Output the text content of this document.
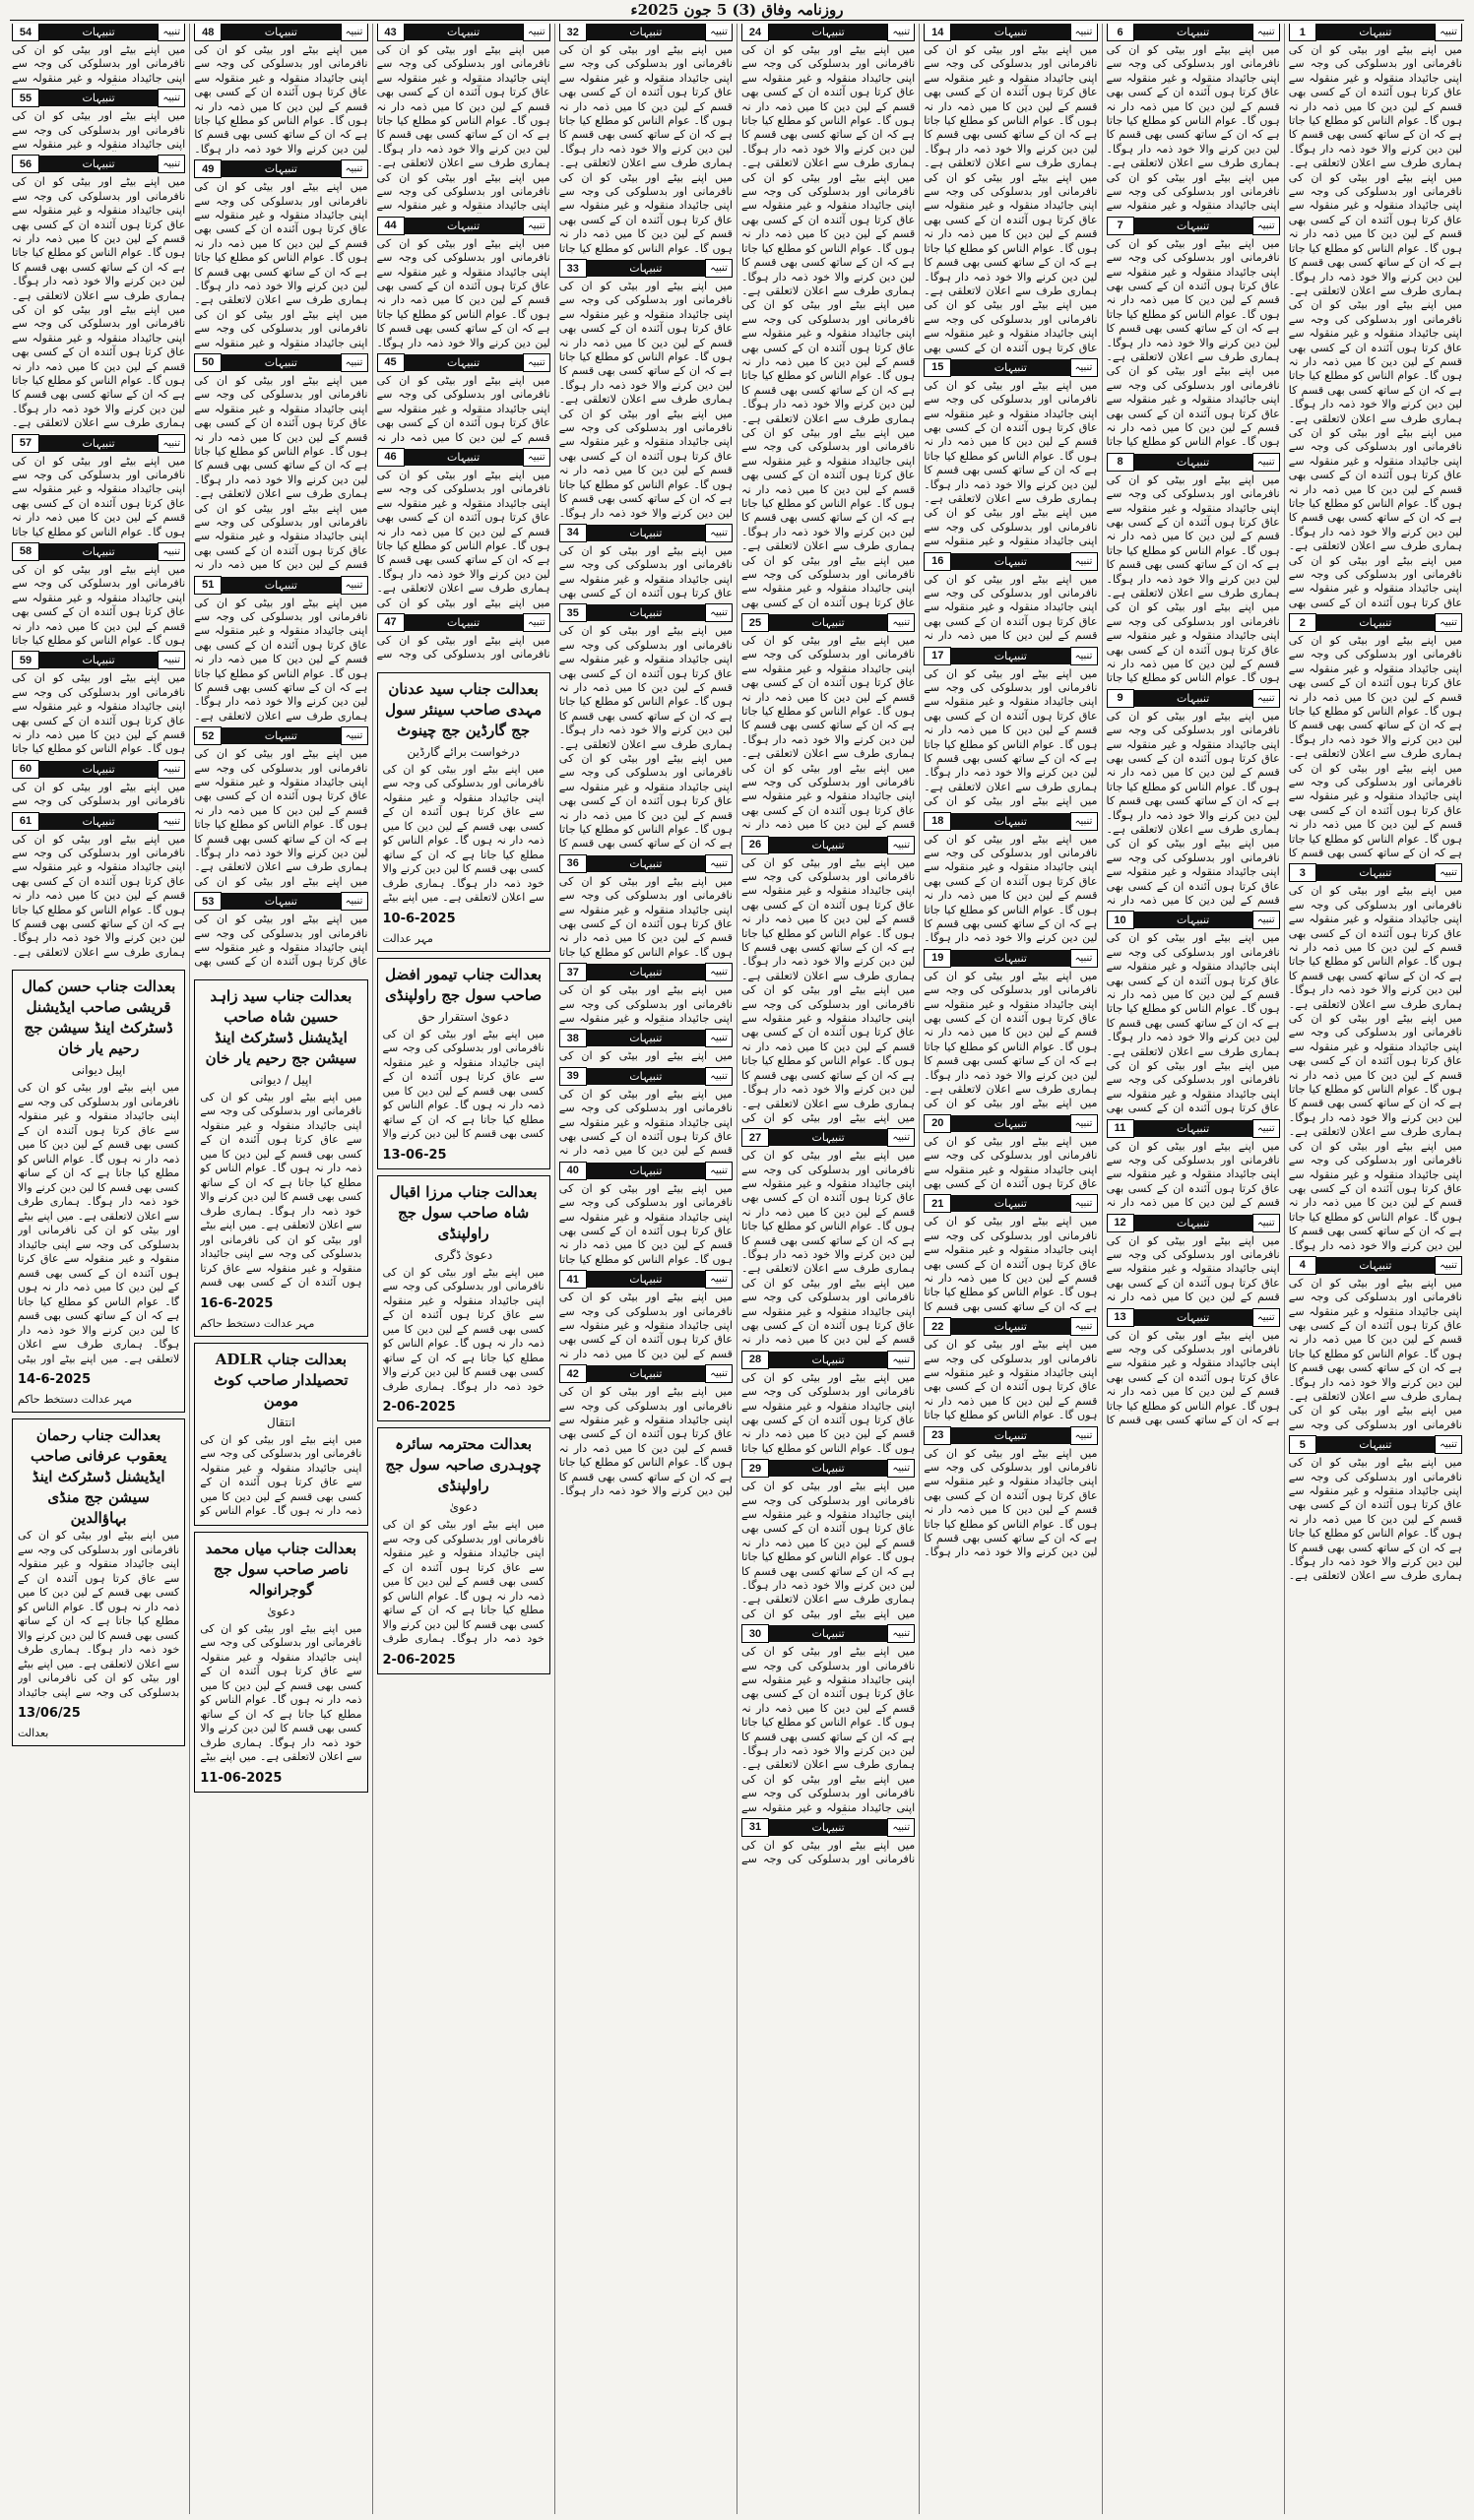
روزنامہ وفاق (3) 5 جون 2025ء
تنبیہ
تنبیہات
1
میں اپنے بیٹے اور بیٹی کو ان کی نافرمانی اور بدسلوکی کی وجہ سے اپنی جائیداد منقولہ و غیر منقولہ سے عاق کرتا ہوں آئندہ ان کے کسی بھی قسم کے لین دین کا میں ذمہ دار نہ ہوں گا۔ عوام الناس کو مطلع کیا جاتا ہے کہ ان کے ساتھ کسی بھی قسم کا لین دین کرنے والا خود ذمہ دار ہوگا۔ ہماری طرف سے اعلان لاتعلقی ہے۔ میں اپنے بیٹے اور بیٹی کو ان کی نافرمانی اور بدسلوکی کی وجہ سے اپنی جائیداد منقولہ و غیر منقولہ سے عاق کرتا ہوں آئندہ ان کے کسی بھی قسم کے لین دین کا میں ذمہ دار نہ ہوں گا۔ عوام الناس کو مطلع کیا جاتا ہے کہ ان کے ساتھ کسی بھی قسم کا لین دین کرنے والا خود ذمہ دار ہوگا۔ ہماری طرف سے اعلان لاتعلقی ہے۔ میں اپنے بیٹے اور بیٹی کو ان کی نافرمانی اور بدسلوکی کی وجہ سے اپنی جائیداد منقولہ و غیر منقولہ سے عاق کرتا ہوں آئندہ ان کے کسی بھی قسم کے لین دین کا میں ذمہ دار نہ ہوں گا۔ عوام الناس کو مطلع کیا جاتا ہے کہ ان کے ساتھ کسی بھی قسم کا لین دین کرنے والا خود ذمہ دار ہوگا۔ ہماری طرف سے اعلان لاتعلقی ہے۔ میں اپنے بیٹے اور بیٹی کو ان کی نافرمانی اور بدسلوکی کی وجہ سے اپنی جائیداد منقولہ و غیر منقولہ سے عاق کرتا ہوں آئندہ ان کے کسی بھی قسم کے لین دین کا میں ذمہ دار نہ ہوں گا۔ عوام الناس کو مطلع کیا جاتا ہے کہ ان کے ساتھ کسی بھی قسم کا لین دین کرنے والا خود ذمہ دار ہوگا۔ ہماری طرف سے اعلان لاتعلقی ہے۔ میں اپنے بیٹے اور بیٹی کو ان کی نافرمانی اور بدسلوکی کی وجہ سے اپنی جائیداد منقولہ و غیر منقولہ سے عاق کرتا ہوں آئندہ ان کے کسی بھی
تنبیہ
تنبیہات
2
میں اپنے بیٹے اور بیٹی کو ان کی نافرمانی اور بدسلوکی کی وجہ سے اپنی جائیداد منقولہ و غیر منقولہ سے عاق کرتا ہوں آئندہ ان کے کسی بھی قسم کے لین دین کا میں ذمہ دار نہ ہوں گا۔ عوام الناس کو مطلع کیا جاتا ہے کہ ان کے ساتھ کسی بھی قسم کا لین دین کرنے والا خود ذمہ دار ہوگا۔ ہماری طرف سے اعلان لاتعلقی ہے۔ میں اپنے بیٹے اور بیٹی کو ان کی نافرمانی اور بدسلوکی کی وجہ سے اپنی جائیداد منقولہ و غیر منقولہ سے عاق کرتا ہوں آئندہ ان کے کسی بھی قسم کے لین دین کا میں ذمہ دار نہ ہوں گا۔ عوام الناس کو مطلع کیا جاتا ہے کہ ان کے ساتھ کسی بھی قسم کا
تنبیہ
تنبیہات
3
میں اپنے بیٹے اور بیٹی کو ان کی نافرمانی اور بدسلوکی کی وجہ سے اپنی جائیداد منقولہ و غیر منقولہ سے عاق کرتا ہوں آئندہ ان کے کسی بھی قسم کے لین دین کا میں ذمہ دار نہ ہوں گا۔ عوام الناس کو مطلع کیا جاتا ہے کہ ان کے ساتھ کسی بھی قسم کا لین دین کرنے والا خود ذمہ دار ہوگا۔ ہماری طرف سے اعلان لاتعلقی ہے۔ میں اپنے بیٹے اور بیٹی کو ان کی نافرمانی اور بدسلوکی کی وجہ سے اپنی جائیداد منقولہ و غیر منقولہ سے عاق کرتا ہوں آئندہ ان کے کسی بھی قسم کے لین دین کا میں ذمہ دار نہ ہوں گا۔ عوام الناس کو مطلع کیا جاتا ہے کہ ان کے ساتھ کسی بھی قسم کا لین دین کرنے والا خود ذمہ دار ہوگا۔ ہماری طرف سے اعلان لاتعلقی ہے۔ میں اپنے بیٹے اور بیٹی کو ان کی نافرمانی اور بدسلوکی کی وجہ سے اپنی جائیداد منقولہ و غیر منقولہ سے عاق کرتا ہوں آئندہ ان کے کسی بھی قسم کے لین دین کا میں ذمہ دار نہ ہوں گا۔ عوام الناس کو مطلع کیا جاتا ہے کہ ان کے ساتھ کسی بھی قسم کا لین دین کرنے والا خود ذمہ دار ہوگا۔
تنبیہ
تنبیہات
4
میں اپنے بیٹے اور بیٹی کو ان کی نافرمانی اور بدسلوکی کی وجہ سے اپنی جائیداد منقولہ و غیر منقولہ سے عاق کرتا ہوں آئندہ ان کے کسی بھی قسم کے لین دین کا میں ذمہ دار نہ ہوں گا۔ عوام الناس کو مطلع کیا جاتا ہے کہ ان کے ساتھ کسی بھی قسم کا لین دین کرنے والا خود ذمہ دار ہوگا۔ ہماری طرف سے اعلان لاتعلقی ہے۔ میں اپنے بیٹے اور بیٹی کو ان کی نافرمانی اور بدسلوکی کی وجہ سے
تنبیہ
تنبیہات
5
میں اپنے بیٹے اور بیٹی کو ان کی نافرمانی اور بدسلوکی کی وجہ سے اپنی جائیداد منقولہ و غیر منقولہ سے عاق کرتا ہوں آئندہ ان کے کسی بھی قسم کے لین دین کا میں ذمہ دار نہ ہوں گا۔ عوام الناس کو مطلع کیا جاتا ہے کہ ان کے ساتھ کسی بھی قسم کا لین دین کرنے والا خود ذمہ دار ہوگا۔ ہماری طرف سے اعلان لاتعلقی ہے۔
تنبیہ
تنبیہات
6
میں اپنے بیٹے اور بیٹی کو ان کی نافرمانی اور بدسلوکی کی وجہ سے اپنی جائیداد منقولہ و غیر منقولہ سے عاق کرتا ہوں آئندہ ان کے کسی بھی قسم کے لین دین کا میں ذمہ دار نہ ہوں گا۔ عوام الناس کو مطلع کیا جاتا ہے کہ ان کے ساتھ کسی بھی قسم کا لین دین کرنے والا خود ذمہ دار ہوگا۔ ہماری طرف سے اعلان لاتعلقی ہے۔ میں اپنے بیٹے اور بیٹی کو ان کی نافرمانی اور بدسلوکی کی وجہ سے اپنی جائیداد منقولہ و غیر منقولہ سے
تنبیہ
تنبیہات
7
میں اپنے بیٹے اور بیٹی کو ان کی نافرمانی اور بدسلوکی کی وجہ سے اپنی جائیداد منقولہ و غیر منقولہ سے عاق کرتا ہوں آئندہ ان کے کسی بھی قسم کے لین دین کا میں ذمہ دار نہ ہوں گا۔ عوام الناس کو مطلع کیا جاتا ہے کہ ان کے ساتھ کسی بھی قسم کا لین دین کرنے والا خود ذمہ دار ہوگا۔ ہماری طرف سے اعلان لاتعلقی ہے۔ میں اپنے بیٹے اور بیٹی کو ان کی نافرمانی اور بدسلوکی کی وجہ سے اپنی جائیداد منقولہ و غیر منقولہ سے عاق کرتا ہوں آئندہ ان کے کسی بھی قسم کے لین دین کا میں ذمہ دار نہ ہوں گا۔ عوام الناس کو مطلع کیا جاتا
تنبیہ
تنبیہات
8
میں اپنے بیٹے اور بیٹی کو ان کی نافرمانی اور بدسلوکی کی وجہ سے اپنی جائیداد منقولہ و غیر منقولہ سے عاق کرتا ہوں آئندہ ان کے کسی بھی قسم کے لین دین کا میں ذمہ دار نہ ہوں گا۔ عوام الناس کو مطلع کیا جاتا ہے کہ ان کے ساتھ کسی بھی قسم کا لین دین کرنے والا خود ذمہ دار ہوگا۔ ہماری طرف سے اعلان لاتعلقی ہے۔ میں اپنے بیٹے اور بیٹی کو ان کی نافرمانی اور بدسلوکی کی وجہ سے اپنی جائیداد منقولہ و غیر منقولہ سے عاق کرتا ہوں آئندہ ان کے کسی بھی قسم کے لین دین کا میں ذمہ دار نہ ہوں گا۔ عوام الناس کو مطلع کیا جاتا
تنبیہ
تنبیہات
9
میں اپنے بیٹے اور بیٹی کو ان کی نافرمانی اور بدسلوکی کی وجہ سے اپنی جائیداد منقولہ و غیر منقولہ سے عاق کرتا ہوں آئندہ ان کے کسی بھی قسم کے لین دین کا میں ذمہ دار نہ ہوں گا۔ عوام الناس کو مطلع کیا جاتا ہے کہ ان کے ساتھ کسی بھی قسم کا لین دین کرنے والا خود ذمہ دار ہوگا۔ ہماری طرف سے اعلان لاتعلقی ہے۔ میں اپنے بیٹے اور بیٹی کو ان کی نافرمانی اور بدسلوکی کی وجہ سے اپنی جائیداد منقولہ و غیر منقولہ سے عاق کرتا ہوں آئندہ ان کے کسی بھی قسم کے لین دین کا میں ذمہ دار نہ
تنبیہ
تنبیہات
10
میں اپنے بیٹے اور بیٹی کو ان کی نافرمانی اور بدسلوکی کی وجہ سے اپنی جائیداد منقولہ و غیر منقولہ سے عاق کرتا ہوں آئندہ ان کے کسی بھی قسم کے لین دین کا میں ذمہ دار نہ ہوں گا۔ عوام الناس کو مطلع کیا جاتا ہے کہ ان کے ساتھ کسی بھی قسم کا لین دین کرنے والا خود ذمہ دار ہوگا۔ ہماری طرف سے اعلان لاتعلقی ہے۔ میں اپنے بیٹے اور بیٹی کو ان کی نافرمانی اور بدسلوکی کی وجہ سے اپنی جائیداد منقولہ و غیر منقولہ سے عاق کرتا ہوں آئندہ ان کے کسی بھی
تنبیہ
تنبیہات
11
میں اپنے بیٹے اور بیٹی کو ان کی نافرمانی اور بدسلوکی کی وجہ سے اپنی جائیداد منقولہ و غیر منقولہ سے عاق کرتا ہوں آئندہ ان کے کسی بھی قسم کے لین دین کا میں ذمہ دار نہ
تنبیہ
تنبیہات
12
میں اپنے بیٹے اور بیٹی کو ان کی نافرمانی اور بدسلوکی کی وجہ سے اپنی جائیداد منقولہ و غیر منقولہ سے عاق کرتا ہوں آئندہ ان کے کسی بھی قسم کے لین دین کا میں ذمہ دار نہ
تنبیہ
تنبیہات
13
میں اپنے بیٹے اور بیٹی کو ان کی نافرمانی اور بدسلوکی کی وجہ سے اپنی جائیداد منقولہ و غیر منقولہ سے عاق کرتا ہوں آئندہ ان کے کسی بھی قسم کے لین دین کا میں ذمہ دار نہ ہوں گا۔ عوام الناس کو مطلع کیا جاتا ہے کہ ان کے ساتھ کسی بھی قسم کا
تنبیہ
تنبیہات
14
میں اپنے بیٹے اور بیٹی کو ان کی نافرمانی اور بدسلوکی کی وجہ سے اپنی جائیداد منقولہ و غیر منقولہ سے عاق کرتا ہوں آئندہ ان کے کسی بھی قسم کے لین دین کا میں ذمہ دار نہ ہوں گا۔ عوام الناس کو مطلع کیا جاتا ہے کہ ان کے ساتھ کسی بھی قسم کا لین دین کرنے والا خود ذمہ دار ہوگا۔ ہماری طرف سے اعلان لاتعلقی ہے۔ میں اپنے بیٹے اور بیٹی کو ان کی نافرمانی اور بدسلوکی کی وجہ سے اپنی جائیداد منقولہ و غیر منقولہ سے عاق کرتا ہوں آئندہ ان کے کسی بھی قسم کے لین دین کا میں ذمہ دار نہ ہوں گا۔ عوام الناس کو مطلع کیا جاتا ہے کہ ان کے ساتھ کسی بھی قسم کا لین دین کرنے والا خود ذمہ دار ہوگا۔ ہماری طرف سے اعلان لاتعلقی ہے۔ میں اپنے بیٹے اور بیٹی کو ان کی نافرمانی اور بدسلوکی کی وجہ سے اپنی جائیداد منقولہ و غیر منقولہ سے عاق کرتا ہوں آئندہ ان کے کسی بھی
تنبیہ
تنبیہات
15
میں اپنے بیٹے اور بیٹی کو ان کی نافرمانی اور بدسلوکی کی وجہ سے اپنی جائیداد منقولہ و غیر منقولہ سے عاق کرتا ہوں آئندہ ان کے کسی بھی قسم کے لین دین کا میں ذمہ دار نہ ہوں گا۔ عوام الناس کو مطلع کیا جاتا ہے کہ ان کے ساتھ کسی بھی قسم کا لین دین کرنے والا خود ذمہ دار ہوگا۔ ہماری طرف سے اعلان لاتعلقی ہے۔ میں اپنے بیٹے اور بیٹی کو ان کی نافرمانی اور بدسلوکی کی وجہ سے اپنی جائیداد منقولہ و غیر منقولہ سے
تنبیہ
تنبیہات
16
میں اپنے بیٹے اور بیٹی کو ان کی نافرمانی اور بدسلوکی کی وجہ سے اپنی جائیداد منقولہ و غیر منقولہ سے عاق کرتا ہوں آئندہ ان کے کسی بھی قسم کے لین دین کا میں ذمہ دار نہ
تنبیہ
تنبیہات
17
میں اپنے بیٹے اور بیٹی کو ان کی نافرمانی اور بدسلوکی کی وجہ سے اپنی جائیداد منقولہ و غیر منقولہ سے عاق کرتا ہوں آئندہ ان کے کسی بھی قسم کے لین دین کا میں ذمہ دار نہ ہوں گا۔ عوام الناس کو مطلع کیا جاتا ہے کہ ان کے ساتھ کسی بھی قسم کا لین دین کرنے والا خود ذمہ دار ہوگا۔ ہماری طرف سے اعلان لاتعلقی ہے۔ میں اپنے بیٹے اور بیٹی کو ان کی
تنبیہ
تنبیہات
18
میں اپنے بیٹے اور بیٹی کو ان کی نافرمانی اور بدسلوکی کی وجہ سے اپنی جائیداد منقولہ و غیر منقولہ سے عاق کرتا ہوں آئندہ ان کے کسی بھی قسم کے لین دین کا میں ذمہ دار نہ ہوں گا۔ عوام الناس کو مطلع کیا جاتا ہے کہ ان کے ساتھ کسی بھی قسم کا لین دین کرنے والا خود ذمہ دار ہوگا۔
تنبیہ
تنبیہات
19
میں اپنے بیٹے اور بیٹی کو ان کی نافرمانی اور بدسلوکی کی وجہ سے اپنی جائیداد منقولہ و غیر منقولہ سے عاق کرتا ہوں آئندہ ان کے کسی بھی قسم کے لین دین کا میں ذمہ دار نہ ہوں گا۔ عوام الناس کو مطلع کیا جاتا ہے کہ ان کے ساتھ کسی بھی قسم کا لین دین کرنے والا خود ذمہ دار ہوگا۔ ہماری طرف سے اعلان لاتعلقی ہے۔ میں اپنے بیٹے اور بیٹی کو ان کی
تنبیہ
تنبیہات
20
میں اپنے بیٹے اور بیٹی کو ان کی نافرمانی اور بدسلوکی کی وجہ سے اپنی جائیداد منقولہ و غیر منقولہ سے عاق کرتا ہوں آئندہ ان کے کسی بھی
تنبیہ
تنبیہات
21
میں اپنے بیٹے اور بیٹی کو ان کی نافرمانی اور بدسلوکی کی وجہ سے اپنی جائیداد منقولہ و غیر منقولہ سے عاق کرتا ہوں آئندہ ان کے کسی بھی قسم کے لین دین کا میں ذمہ دار نہ ہوں گا۔ عوام الناس کو مطلع کیا جاتا ہے کہ ان کے ساتھ کسی بھی قسم کا
تنبیہ
تنبیہات
22
میں اپنے بیٹے اور بیٹی کو ان کی نافرمانی اور بدسلوکی کی وجہ سے اپنی جائیداد منقولہ و غیر منقولہ سے عاق کرتا ہوں آئندہ ان کے کسی بھی قسم کے لین دین کا میں ذمہ دار نہ ہوں گا۔ عوام الناس کو مطلع کیا جاتا
تنبیہ
تنبیہات
23
میں اپنے بیٹے اور بیٹی کو ان کی نافرمانی اور بدسلوکی کی وجہ سے اپنی جائیداد منقولہ و غیر منقولہ سے عاق کرتا ہوں آئندہ ان کے کسی بھی قسم کے لین دین کا میں ذمہ دار نہ ہوں گا۔ عوام الناس کو مطلع کیا جاتا ہے کہ ان کے ساتھ کسی بھی قسم کا لین دین کرنے والا خود ذمہ دار ہوگا۔
تنبیہ
تنبیہات
24
میں اپنے بیٹے اور بیٹی کو ان کی نافرمانی اور بدسلوکی کی وجہ سے اپنی جائیداد منقولہ و غیر منقولہ سے عاق کرتا ہوں آئندہ ان کے کسی بھی قسم کے لین دین کا میں ذمہ دار نہ ہوں گا۔ عوام الناس کو مطلع کیا جاتا ہے کہ ان کے ساتھ کسی بھی قسم کا لین دین کرنے والا خود ذمہ دار ہوگا۔ ہماری طرف سے اعلان لاتعلقی ہے۔ میں اپنے بیٹے اور بیٹی کو ان کی نافرمانی اور بدسلوکی کی وجہ سے اپنی جائیداد منقولہ و غیر منقولہ سے عاق کرتا ہوں آئندہ ان کے کسی بھی قسم کے لین دین کا میں ذمہ دار نہ ہوں گا۔ عوام الناس کو مطلع کیا جاتا ہے کہ ان کے ساتھ کسی بھی قسم کا لین دین کرنے والا خود ذمہ دار ہوگا۔ ہماری طرف سے اعلان لاتعلقی ہے۔ میں اپنے بیٹے اور بیٹی کو ان کی نافرمانی اور بدسلوکی کی وجہ سے اپنی جائیداد منقولہ و غیر منقولہ سے عاق کرتا ہوں آئندہ ان کے کسی بھی قسم کے لین دین کا میں ذمہ دار نہ ہوں گا۔ عوام الناس کو مطلع کیا جاتا ہے کہ ان کے ساتھ کسی بھی قسم کا لین دین کرنے والا خود ذمہ دار ہوگا۔ ہماری طرف سے اعلان لاتعلقی ہے۔ میں اپنے بیٹے اور بیٹی کو ان کی نافرمانی اور بدسلوکی کی وجہ سے اپنی جائیداد منقولہ و غیر منقولہ سے عاق کرتا ہوں آئندہ ان کے کسی بھی قسم کے لین دین کا میں ذمہ دار نہ ہوں گا۔ عوام الناس کو مطلع کیا جاتا ہے کہ ان کے ساتھ کسی بھی قسم کا لین دین کرنے والا خود ذمہ دار ہوگا۔ ہماری طرف سے اعلان لاتعلقی ہے۔ میں اپنے بیٹے اور بیٹی کو ان کی نافرمانی اور بدسلوکی کی وجہ سے اپنی جائیداد منقولہ و غیر منقولہ سے عاق کرتا ہوں آئندہ ان کے کسی بھی
تنبیہ
تنبیہات
25
میں اپنے بیٹے اور بیٹی کو ان کی نافرمانی اور بدسلوکی کی وجہ سے اپنی جائیداد منقولہ و غیر منقولہ سے عاق کرتا ہوں آئندہ ان کے کسی بھی قسم کے لین دین کا میں ذمہ دار نہ ہوں گا۔ عوام الناس کو مطلع کیا جاتا ہے کہ ان کے ساتھ کسی بھی قسم کا لین دین کرنے والا خود ذمہ دار ہوگا۔ ہماری طرف سے اعلان لاتعلقی ہے۔ میں اپنے بیٹے اور بیٹی کو ان کی نافرمانی اور بدسلوکی کی وجہ سے اپنی جائیداد منقولہ و غیر منقولہ سے عاق کرتا ہوں آئندہ ان کے کسی بھی قسم کے لین دین کا میں ذمہ دار نہ
تنبیہ
تنبیہات
26
میں اپنے بیٹے اور بیٹی کو ان کی نافرمانی اور بدسلوکی کی وجہ سے اپنی جائیداد منقولہ و غیر منقولہ سے عاق کرتا ہوں آئندہ ان کے کسی بھی قسم کے لین دین کا میں ذمہ دار نہ ہوں گا۔ عوام الناس کو مطلع کیا جاتا ہے کہ ان کے ساتھ کسی بھی قسم کا لین دین کرنے والا خود ذمہ دار ہوگا۔ ہماری طرف سے اعلان لاتعلقی ہے۔ میں اپنے بیٹے اور بیٹی کو ان کی نافرمانی اور بدسلوکی کی وجہ سے اپنی جائیداد منقولہ و غیر منقولہ سے عاق کرتا ہوں آئندہ ان کے کسی بھی قسم کے لین دین کا میں ذمہ دار نہ ہوں گا۔ عوام الناس کو مطلع کیا جاتا ہے کہ ان کے ساتھ کسی بھی قسم کا لین دین کرنے والا خود ذمہ دار ہوگا۔ ہماری طرف سے اعلان لاتعلقی ہے۔ میں اپنے بیٹے اور بیٹی کو ان کی
تنبیہ
تنبیہات
27
میں اپنے بیٹے اور بیٹی کو ان کی نافرمانی اور بدسلوکی کی وجہ سے اپنی جائیداد منقولہ و غیر منقولہ سے عاق کرتا ہوں آئندہ ان کے کسی بھی قسم کے لین دین کا میں ذمہ دار نہ ہوں گا۔ عوام الناس کو مطلع کیا جاتا ہے کہ ان کے ساتھ کسی بھی قسم کا لین دین کرنے والا خود ذمہ دار ہوگا۔ ہماری طرف سے اعلان لاتعلقی ہے۔ میں اپنے بیٹے اور بیٹی کو ان کی نافرمانی اور بدسلوکی کی وجہ سے اپنی جائیداد منقولہ و غیر منقولہ سے عاق کرتا ہوں آئندہ ان کے کسی بھی قسم کے لین دین کا میں ذمہ دار نہ
تنبیہ
تنبیہات
28
میں اپنے بیٹے اور بیٹی کو ان کی نافرمانی اور بدسلوکی کی وجہ سے اپنی جائیداد منقولہ و غیر منقولہ سے عاق کرتا ہوں آئندہ ان کے کسی بھی قسم کے لین دین کا میں ذمہ دار نہ ہوں گا۔ عوام الناس کو مطلع کیا جاتا
تنبیہ
تنبیہات
29
میں اپنے بیٹے اور بیٹی کو ان کی نافرمانی اور بدسلوکی کی وجہ سے اپنی جائیداد منقولہ و غیر منقولہ سے عاق کرتا ہوں آئندہ ان کے کسی بھی قسم کے لین دین کا میں ذمہ دار نہ ہوں گا۔ عوام الناس کو مطلع کیا جاتا ہے کہ ان کے ساتھ کسی بھی قسم کا لین دین کرنے والا خود ذمہ دار ہوگا۔ ہماری طرف سے اعلان لاتعلقی ہے۔ میں اپنے بیٹے اور بیٹی کو ان کی
تنبیہ
تنبیہات
30
میں اپنے بیٹے اور بیٹی کو ان کی نافرمانی اور بدسلوکی کی وجہ سے اپنی جائیداد منقولہ و غیر منقولہ سے عاق کرتا ہوں آئندہ ان کے کسی بھی قسم کے لین دین کا میں ذمہ دار نہ ہوں گا۔ عوام الناس کو مطلع کیا جاتا ہے کہ ان کے ساتھ کسی بھی قسم کا لین دین کرنے والا خود ذمہ دار ہوگا۔ ہماری طرف سے اعلان لاتعلقی ہے۔ میں اپنے بیٹے اور بیٹی کو ان کی نافرمانی اور بدسلوکی کی وجہ سے اپنی جائیداد منقولہ و غیر منقولہ سے
تنبیہ
تنبیہات
31
میں اپنے بیٹے اور بیٹی کو ان کی نافرمانی اور بدسلوکی کی وجہ سے
تنبیہ
تنبیہات
32
میں اپنے بیٹے اور بیٹی کو ان کی نافرمانی اور بدسلوکی کی وجہ سے اپنی جائیداد منقولہ و غیر منقولہ سے عاق کرتا ہوں آئندہ ان کے کسی بھی قسم کے لین دین کا میں ذمہ دار نہ ہوں گا۔ عوام الناس کو مطلع کیا جاتا ہے کہ ان کے ساتھ کسی بھی قسم کا لین دین کرنے والا خود ذمہ دار ہوگا۔ ہماری طرف سے اعلان لاتعلقی ہے۔ میں اپنے بیٹے اور بیٹی کو ان کی نافرمانی اور بدسلوکی کی وجہ سے اپنی جائیداد منقولہ و غیر منقولہ سے عاق کرتا ہوں آئندہ ان کے کسی بھی قسم کے لین دین کا میں ذمہ دار نہ ہوں گا۔ عوام الناس کو مطلع کیا جاتا
تنبیہ
تنبیہات
33
میں اپنے بیٹے اور بیٹی کو ان کی نافرمانی اور بدسلوکی کی وجہ سے اپنی جائیداد منقولہ و غیر منقولہ سے عاق کرتا ہوں آئندہ ان کے کسی بھی قسم کے لین دین کا میں ذمہ دار نہ ہوں گا۔ عوام الناس کو مطلع کیا جاتا ہے کہ ان کے ساتھ کسی بھی قسم کا لین دین کرنے والا خود ذمہ دار ہوگا۔ ہماری طرف سے اعلان لاتعلقی ہے۔ میں اپنے بیٹے اور بیٹی کو ان کی نافرمانی اور بدسلوکی کی وجہ سے اپنی جائیداد منقولہ و غیر منقولہ سے عاق کرتا ہوں آئندہ ان کے کسی بھی قسم کے لین دین کا میں ذمہ دار نہ ہوں گا۔ عوام الناس کو مطلع کیا جاتا ہے کہ ان کے ساتھ کسی بھی قسم کا لین دین کرنے والا خود ذمہ دار ہوگا۔
تنبیہ
تنبیہات
34
میں اپنے بیٹے اور بیٹی کو ان کی نافرمانی اور بدسلوکی کی وجہ سے اپنی جائیداد منقولہ و غیر منقولہ سے عاق کرتا ہوں آئندہ ان کے کسی بھی
تنبیہ
تنبیہات
35
میں اپنے بیٹے اور بیٹی کو ان کی نافرمانی اور بدسلوکی کی وجہ سے اپنی جائیداد منقولہ و غیر منقولہ سے عاق کرتا ہوں آئندہ ان کے کسی بھی قسم کے لین دین کا میں ذمہ دار نہ ہوں گا۔ عوام الناس کو مطلع کیا جاتا ہے کہ ان کے ساتھ کسی بھی قسم کا لین دین کرنے والا خود ذمہ دار ہوگا۔ ہماری طرف سے اعلان لاتعلقی ہے۔ میں اپنے بیٹے اور بیٹی کو ان کی نافرمانی اور بدسلوکی کی وجہ سے اپنی جائیداد منقولہ و غیر منقولہ سے عاق کرتا ہوں آئندہ ان کے کسی بھی قسم کے لین دین کا میں ذمہ دار نہ ہوں گا۔ عوام الناس کو مطلع کیا جاتا ہے کہ ان کے ساتھ کسی بھی قسم کا
تنبیہ
تنبیہات
36
میں اپنے بیٹے اور بیٹی کو ان کی نافرمانی اور بدسلوکی کی وجہ سے اپنی جائیداد منقولہ و غیر منقولہ سے عاق کرتا ہوں آئندہ ان کے کسی بھی قسم کے لین دین کا میں ذمہ دار نہ ہوں گا۔ عوام الناس کو مطلع کیا جاتا
تنبیہ
تنبیہات
37
میں اپنے بیٹے اور بیٹی کو ان کی نافرمانی اور بدسلوکی کی وجہ سے اپنی جائیداد منقولہ و غیر منقولہ سے
تنبیہ
تنبیہات
38
میں اپنے بیٹے اور بیٹی کو ان کی
تنبیہ
تنبیہات
39
میں اپنے بیٹے اور بیٹی کو ان کی نافرمانی اور بدسلوکی کی وجہ سے اپنی جائیداد منقولہ و غیر منقولہ سے عاق کرتا ہوں آئندہ ان کے کسی بھی قسم کے لین دین کا میں ذمہ دار نہ
تنبیہ
تنبیہات
40
میں اپنے بیٹے اور بیٹی کو ان کی نافرمانی اور بدسلوکی کی وجہ سے اپنی جائیداد منقولہ و غیر منقولہ سے عاق کرتا ہوں آئندہ ان کے کسی بھی قسم کے لین دین کا میں ذمہ دار نہ ہوں گا۔ عوام الناس کو مطلع کیا جاتا
تنبیہ
تنبیہات
41
میں اپنے بیٹے اور بیٹی کو ان کی نافرمانی اور بدسلوکی کی وجہ سے اپنی جائیداد منقولہ و غیر منقولہ سے عاق کرتا ہوں آئندہ ان کے کسی بھی قسم کے لین دین کا میں ذمہ دار نہ
تنبیہ
تنبیہات
42
میں اپنے بیٹے اور بیٹی کو ان کی نافرمانی اور بدسلوکی کی وجہ سے اپنی جائیداد منقولہ و غیر منقولہ سے عاق کرتا ہوں آئندہ ان کے کسی بھی قسم کے لین دین کا میں ذمہ دار نہ ہوں گا۔ عوام الناس کو مطلع کیا جاتا ہے کہ ان کے ساتھ کسی بھی قسم کا لین دین کرنے والا خود ذمہ دار ہوگا۔
تنبیہ
تنبیہات
43
میں اپنے بیٹے اور بیٹی کو ان کی نافرمانی اور بدسلوکی کی وجہ سے اپنی جائیداد منقولہ و غیر منقولہ سے عاق کرتا ہوں آئندہ ان کے کسی بھی قسم کے لین دین کا میں ذمہ دار نہ ہوں گا۔ عوام الناس کو مطلع کیا جاتا ہے کہ ان کے ساتھ کسی بھی قسم کا لین دین کرنے والا خود ذمہ دار ہوگا۔ ہماری طرف سے اعلان لاتعلقی ہے۔ میں اپنے بیٹے اور بیٹی کو ان کی نافرمانی اور بدسلوکی کی وجہ سے اپنی جائیداد منقولہ و غیر منقولہ سے
تنبیہ
تنبیہات
44
میں اپنے بیٹے اور بیٹی کو ان کی نافرمانی اور بدسلوکی کی وجہ سے اپنی جائیداد منقولہ و غیر منقولہ سے عاق کرتا ہوں آئندہ ان کے کسی بھی قسم کے لین دین کا میں ذمہ دار نہ ہوں گا۔ عوام الناس کو مطلع کیا جاتا ہے کہ ان کے ساتھ کسی بھی قسم کا لین دین کرنے والا خود ذمہ دار ہوگا۔
تنبیہ
تنبیہات
45
میں اپنے بیٹے اور بیٹی کو ان کی نافرمانی اور بدسلوکی کی وجہ سے اپنی جائیداد منقولہ و غیر منقولہ سے عاق کرتا ہوں آئندہ ان کے کسی بھی قسم کے لین دین کا میں ذمہ دار نہ
تنبیہ
تنبیہات
46
میں اپنے بیٹے اور بیٹی کو ان کی نافرمانی اور بدسلوکی کی وجہ سے اپنی جائیداد منقولہ و غیر منقولہ سے عاق کرتا ہوں آئندہ ان کے کسی بھی قسم کے لین دین کا میں ذمہ دار نہ ہوں گا۔ عوام الناس کو مطلع کیا جاتا ہے کہ ان کے ساتھ کسی بھی قسم کا لین دین کرنے والا خود ذمہ دار ہوگا۔ ہماری طرف سے اعلان لاتعلقی ہے۔ میں اپنے بیٹے اور بیٹی کو ان کی
تنبیہ
تنبیہات
47
میں اپنے بیٹے اور بیٹی کو ان کی نافرمانی اور بدسلوکی کی وجہ سے
بعدالت جناب سید عدنان مہدی صاحب سینئر سول جج گارڈین جج چینوٹ
درخواست برائے گارڈین
میں اپنے بیٹے اور بیٹی کو ان کی نافرمانی اور بدسلوکی کی وجہ سے اپنی جائیداد منقولہ و غیر منقولہ سے عاق کرتا ہوں آئندہ ان کے کسی بھی قسم کے لین دین کا میں ذمہ دار نہ ہوں گا۔ عوام الناس کو مطلع کیا جاتا ہے کہ ان کے ساتھ کسی بھی قسم کا لین دین کرنے والا خود ذمہ دار ہوگا۔ ہماری طرف سے اعلان لاتعلقی ہے۔ میں اپنے بیٹے
10-6-2025
مہر عدالت
بعدالت جناب تیمور افضل صاحب سول جج راولپنڈی
دعویٰ استقرار حق
میں اپنے بیٹے اور بیٹی کو ان کی نافرمانی اور بدسلوکی کی وجہ سے اپنی جائیداد منقولہ و غیر منقولہ سے عاق کرتا ہوں آئندہ ان کے کسی بھی قسم کے لین دین کا میں ذمہ دار نہ ہوں گا۔ عوام الناس کو مطلع کیا جاتا ہے کہ ان کے ساتھ کسی بھی قسم کا لین دین کرنے والا
13-06-25
بعدالت جناب مرزا اقبال شاہ صاحب سول جج راولپنڈی
دعویٰ ڈگری
میں اپنے بیٹے اور بیٹی کو ان کی نافرمانی اور بدسلوکی کی وجہ سے اپنی جائیداد منقولہ و غیر منقولہ سے عاق کرتا ہوں آئندہ ان کے کسی بھی قسم کے لین دین کا میں ذمہ دار نہ ہوں گا۔ عوام الناس کو مطلع کیا جاتا ہے کہ ان کے ساتھ کسی بھی قسم کا لین دین کرنے والا خود ذمہ دار ہوگا۔ ہماری طرف
2-06-2025
بعدالت محترمہ سائرہ چوہدری صاحبہ سول جج راولپنڈی
دعویٰ
میں اپنے بیٹے اور بیٹی کو ان کی نافرمانی اور بدسلوکی کی وجہ سے اپنی جائیداد منقولہ و غیر منقولہ سے عاق کرتا ہوں آئندہ ان کے کسی بھی قسم کے لین دین کا میں ذمہ دار نہ ہوں گا۔ عوام الناس کو مطلع کیا جاتا ہے کہ ان کے ساتھ کسی بھی قسم کا لین دین کرنے والا خود ذمہ دار ہوگا۔ ہماری طرف
2-06-2025
تنبیہ
تنبیہات
48
میں اپنے بیٹے اور بیٹی کو ان کی نافرمانی اور بدسلوکی کی وجہ سے اپنی جائیداد منقولہ و غیر منقولہ سے عاق کرتا ہوں آئندہ ان کے کسی بھی قسم کے لین دین کا میں ذمہ دار نہ ہوں گا۔ عوام الناس کو مطلع کیا جاتا ہے کہ ان کے ساتھ کسی بھی قسم کا لین دین کرنے والا خود ذمہ دار ہوگا۔
تنبیہ
تنبیہات
49
میں اپنے بیٹے اور بیٹی کو ان کی نافرمانی اور بدسلوکی کی وجہ سے اپنی جائیداد منقولہ و غیر منقولہ سے عاق کرتا ہوں آئندہ ان کے کسی بھی قسم کے لین دین کا میں ذمہ دار نہ ہوں گا۔ عوام الناس کو مطلع کیا جاتا ہے کہ ان کے ساتھ کسی بھی قسم کا لین دین کرنے والا خود ذمہ دار ہوگا۔ ہماری طرف سے اعلان لاتعلقی ہے۔ میں اپنے بیٹے اور بیٹی کو ان کی نافرمانی اور بدسلوکی کی وجہ سے اپنی جائیداد منقولہ و غیر منقولہ سے
تنبیہ
تنبیہات
50
میں اپنے بیٹے اور بیٹی کو ان کی نافرمانی اور بدسلوکی کی وجہ سے اپنی جائیداد منقولہ و غیر منقولہ سے عاق کرتا ہوں آئندہ ان کے کسی بھی قسم کے لین دین کا میں ذمہ دار نہ ہوں گا۔ عوام الناس کو مطلع کیا جاتا ہے کہ ان کے ساتھ کسی بھی قسم کا لین دین کرنے والا خود ذمہ دار ہوگا۔ ہماری طرف سے اعلان لاتعلقی ہے۔ میں اپنے بیٹے اور بیٹی کو ان کی نافرمانی اور بدسلوکی کی وجہ سے اپنی جائیداد منقولہ و غیر منقولہ سے عاق کرتا ہوں آئندہ ان کے کسی بھی قسم کے لین دین کا میں ذمہ دار نہ
تنبیہ
تنبیہات
51
میں اپنے بیٹے اور بیٹی کو ان کی نافرمانی اور بدسلوکی کی وجہ سے اپنی جائیداد منقولہ و غیر منقولہ سے عاق کرتا ہوں آئندہ ان کے کسی بھی قسم کے لین دین کا میں ذمہ دار نہ ہوں گا۔ عوام الناس کو مطلع کیا جاتا ہے کہ ان کے ساتھ کسی بھی قسم کا لین دین کرنے والا خود ذمہ دار ہوگا۔ ہماری طرف سے اعلان لاتعلقی ہے۔
تنبیہ
تنبیہات
52
میں اپنے بیٹے اور بیٹی کو ان کی نافرمانی اور بدسلوکی کی وجہ سے اپنی جائیداد منقولہ و غیر منقولہ سے عاق کرتا ہوں آئندہ ان کے کسی بھی قسم کے لین دین کا میں ذمہ دار نہ ہوں گا۔ عوام الناس کو مطلع کیا جاتا ہے کہ ان کے ساتھ کسی بھی قسم کا لین دین کرنے والا خود ذمہ دار ہوگا۔ ہماری طرف سے اعلان لاتعلقی ہے۔ میں اپنے بیٹے اور بیٹی کو ان کی
تنبیہ
تنبیہات
53
میں اپنے بیٹے اور بیٹی کو ان کی نافرمانی اور بدسلوکی کی وجہ سے اپنی جائیداد منقولہ و غیر منقولہ سے عاق کرتا ہوں آئندہ ان کے کسی بھی
بعدالت جناب سید زاہد حسین شاہ صاحب ایڈیشنل ڈسٹرکٹ اینڈ سیشن جج رحیم یار خان
اپیل / دیوانی
میں اپنے بیٹے اور بیٹی کو ان کی نافرمانی اور بدسلوکی کی وجہ سے اپنی جائیداد منقولہ و غیر منقولہ سے عاق کرتا ہوں آئندہ ان کے کسی بھی قسم کے لین دین کا میں ذمہ دار نہ ہوں گا۔ عوام الناس کو مطلع کیا جاتا ہے کہ ان کے ساتھ کسی بھی قسم کا لین دین کرنے والا خود ذمہ دار ہوگا۔ ہماری طرف سے اعلان لاتعلقی ہے۔ میں اپنے بیٹے اور بیٹی کو ان کی نافرمانی اور بدسلوکی کی وجہ سے اپنی جائیداد منقولہ و غیر منقولہ سے عاق کرتا ہوں آئندہ ان کے کسی بھی قسم
16-6-2025
مہر عدالت دستخط حاکم
بعدالت جناب ADLR تحصیلدار صاحب کوٹ مومن
انتقال
میں اپنے بیٹے اور بیٹی کو ان کی نافرمانی اور بدسلوکی کی وجہ سے اپنی جائیداد منقولہ و غیر منقولہ سے عاق کرتا ہوں آئندہ ان کے کسی بھی قسم کے لین دین کا میں ذمہ دار نہ ہوں گا۔ عوام الناس کو
بعدالت جناب میاں محمد ناصر صاحب سول جج گوجرانوالہ
دعویٰ
میں اپنے بیٹے اور بیٹی کو ان کی نافرمانی اور بدسلوکی کی وجہ سے اپنی جائیداد منقولہ و غیر منقولہ سے عاق کرتا ہوں آئندہ ان کے کسی بھی قسم کے لین دین کا میں ذمہ دار نہ ہوں گا۔ عوام الناس کو مطلع کیا جاتا ہے کہ ان کے ساتھ کسی بھی قسم کا لین دین کرنے والا خود ذمہ دار ہوگا۔ ہماری طرف سے اعلان لاتعلقی ہے۔ میں اپنے بیٹے
11-06-2025
تنبیہ
تنبیہات
54
میں اپنے بیٹے اور بیٹی کو ان کی نافرمانی اور بدسلوکی کی وجہ سے اپنی جائیداد منقولہ و غیر منقولہ سے
تنبیہ
تنبیہات
55
میں اپنے بیٹے اور بیٹی کو ان کی نافرمانی اور بدسلوکی کی وجہ سے اپنی جائیداد منقولہ و غیر منقولہ سے
تنبیہ
تنبیہات
56
میں اپنے بیٹے اور بیٹی کو ان کی نافرمانی اور بدسلوکی کی وجہ سے اپنی جائیداد منقولہ و غیر منقولہ سے عاق کرتا ہوں آئندہ ان کے کسی بھی قسم کے لین دین کا میں ذمہ دار نہ ہوں گا۔ عوام الناس کو مطلع کیا جاتا ہے کہ ان کے ساتھ کسی بھی قسم کا لین دین کرنے والا خود ذمہ دار ہوگا۔ ہماری طرف سے اعلان لاتعلقی ہے۔ میں اپنے بیٹے اور بیٹی کو ان کی نافرمانی اور بدسلوکی کی وجہ سے اپنی جائیداد منقولہ و غیر منقولہ سے عاق کرتا ہوں آئندہ ان کے کسی بھی قسم کے لین دین کا میں ذمہ دار نہ ہوں گا۔ عوام الناس کو مطلع کیا جاتا ہے کہ ان کے ساتھ کسی بھی قسم کا لین دین کرنے والا خود ذمہ دار ہوگا۔ ہماری طرف سے اعلان لاتعلقی ہے۔
تنبیہ
تنبیہات
57
میں اپنے بیٹے اور بیٹی کو ان کی نافرمانی اور بدسلوکی کی وجہ سے اپنی جائیداد منقولہ و غیر منقولہ سے عاق کرتا ہوں آئندہ ان کے کسی بھی قسم کے لین دین کا میں ذمہ دار نہ ہوں گا۔ عوام الناس کو مطلع کیا جاتا
تنبیہ
تنبیہات
58
میں اپنے بیٹے اور بیٹی کو ان کی نافرمانی اور بدسلوکی کی وجہ سے اپنی جائیداد منقولہ و غیر منقولہ سے عاق کرتا ہوں آئندہ ان کے کسی بھی قسم کے لین دین کا میں ذمہ دار نہ ہوں گا۔ عوام الناس کو مطلع کیا جاتا
تنبیہ
تنبیہات
59
میں اپنے بیٹے اور بیٹی کو ان کی نافرمانی اور بدسلوکی کی وجہ سے اپنی جائیداد منقولہ و غیر منقولہ سے عاق کرتا ہوں آئندہ ان کے کسی بھی قسم کے لین دین کا میں ذمہ دار نہ ہوں گا۔ عوام الناس کو مطلع کیا جاتا
تنبیہ
تنبیہات
60
میں اپنے بیٹے اور بیٹی کو ان کی نافرمانی اور بدسلوکی کی وجہ سے
تنبیہ
تنبیہات
61
میں اپنے بیٹے اور بیٹی کو ان کی نافرمانی اور بدسلوکی کی وجہ سے اپنی جائیداد منقولہ و غیر منقولہ سے عاق کرتا ہوں آئندہ ان کے کسی بھی قسم کے لین دین کا میں ذمہ دار نہ ہوں گا۔ عوام الناس کو مطلع کیا جاتا ہے کہ ان کے ساتھ کسی بھی قسم کا لین دین کرنے والا خود ذمہ دار ہوگا۔ ہماری طرف سے اعلان لاتعلقی ہے۔
بعدالت جناب حسن کمال قریشی صاحب ایڈیشنل ڈسٹرکٹ اینڈ سیشن جج رحیم یار خان
اپیل دیوانی
میں اپنے بیٹے اور بیٹی کو ان کی نافرمانی اور بدسلوکی کی وجہ سے اپنی جائیداد منقولہ و غیر منقولہ سے عاق کرتا ہوں آئندہ ان کے کسی بھی قسم کے لین دین کا میں ذمہ دار نہ ہوں گا۔ عوام الناس کو مطلع کیا جاتا ہے کہ ان کے ساتھ کسی بھی قسم کا لین دین کرنے والا خود ذمہ دار ہوگا۔ ہماری طرف سے اعلان لاتعلقی ہے۔ میں اپنے بیٹے اور بیٹی کو ان کی نافرمانی اور بدسلوکی کی وجہ سے اپنی جائیداد منقولہ و غیر منقولہ سے عاق کرتا ہوں آئندہ ان کے کسی بھی قسم کے لین دین کا میں ذمہ دار نہ ہوں گا۔ عوام الناس کو مطلع کیا جاتا ہے کہ ان کے ساتھ کسی بھی قسم کا لین دین کرنے والا خود ذمہ دار ہوگا۔ ہماری طرف سے اعلان لاتعلقی ہے۔ میں اپنے بیٹے اور بیٹی
14-6-2025
مہر عدالت دستخط حاکم
بعدالت جناب رحمان یعقوب عرفانی صاحب ایڈیشنل ڈسٹرکٹ اینڈ سیشن جج منڈی بہاؤالدین
میں اپنے بیٹے اور بیٹی کو ان کی نافرمانی اور بدسلوکی کی وجہ سے اپنی جائیداد منقولہ و غیر منقولہ سے عاق کرتا ہوں آئندہ ان کے کسی بھی قسم کے لین دین کا میں ذمہ دار نہ ہوں گا۔ عوام الناس کو مطلع کیا جاتا ہے کہ ان کے ساتھ کسی بھی قسم کا لین دین کرنے والا خود ذمہ دار ہوگا۔ ہماری طرف سے اعلان لاتعلقی ہے۔ میں اپنے بیٹے اور بیٹی کو ان کی نافرمانی اور بدسلوکی کی وجہ سے اپنی جائیداد
13/06/25
بعدالت
